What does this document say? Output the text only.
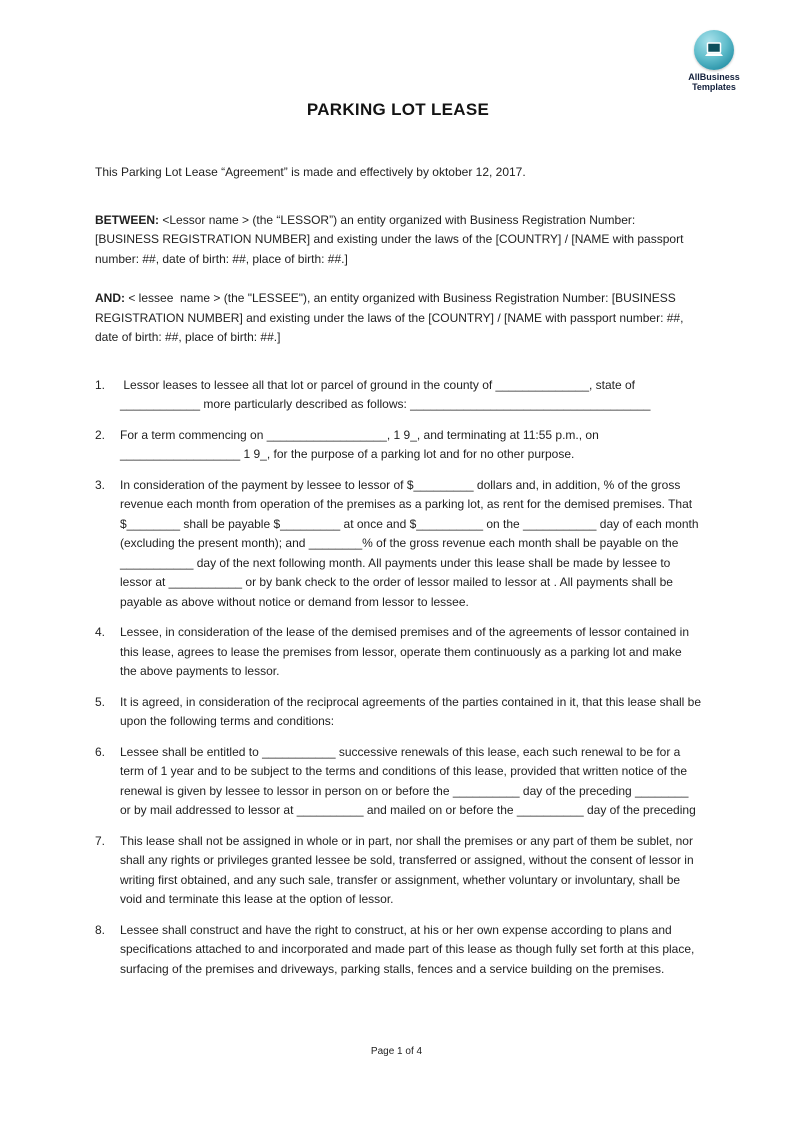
AllBusiness
Templates
PARKING LOT LEASE

This Parking Lot Lease “Agreement” is made and effectively by oktober 12, 2017.

BETWEEN: <Lessor name > (the “LESSOR”) an entity organized with Business Registration Number: [BUSINESS REGISTRATION NUMBER] and existing under the laws of the [COUNTRY] / [NAME with passport number: ##, date of birth: ##, place of birth: ##.]

AND: < lessee  name > (the "LESSEE"), an entity organized with Business Registration Number: [BUSINESS REGISTRATION NUMBER] and existing under the laws of the [COUNTRY] / [NAME with passport number: ##, date of birth: ##, place of birth: ##.]

1.	Lessor leases to lessee all that lot or parcel of ground in the county of ______________, state of ____________ more particularly described as follows: ____________________________________
2.	For a term commencing on __________________, 1 9_, and terminating at 11:55 p.m., on __________________ 1 9_, for the purpose of a parking lot and for no other purpose.
3.	In consideration of the payment by lessee to lessor of $_________ dollars and, in addition, % of the gross revenue each month from operation of the premises as a parking lot, as rent for the demised premises. That $________ shall be payable $_________ at once and $__________ on the ___________ day of each month (excluding the present month); and ________% of the gross revenue each month shall be payable on the ___________ day of the next following month. All payments under this lease shall be made by lessee to lessor at ___________ or by bank check to the order of lessor mailed to lessor at . All payments shall be payable as above without notice or demand from lessor to lessee.
4.	Lessee, in consideration of the lease of the demised premises and of the agreements of lessor contained in this lease, agrees to lease the premises from lessor, operate them continuously as a parking lot and make the above payments to lessor.
5.	It is agreed, in consideration of the reciprocal agreements of the parties contained in it, that this lease shall be upon the following terms and conditions:
6.	Lessee shall be entitled to ___________ successive renewals of this lease, each such renewal to be for a term of 1 year and to be subject to the terms and conditions of this lease, provided that written notice of the renewal is given by lessee to lessor in person on or before the __________ day of the preceding ________ or by mail addressed to lessor at __________ and mailed on or before the __________ day of the preceding
7.	This lease shall not be assigned in whole or in part, nor shall the premises or any part of them be sublet, nor shall any rights or privileges granted lessee be sold, transferred or assigned, without the consent of lessor in writing first obtained, and any such sale, transfer or assignment, whether voluntary or involuntary, shall be void and terminate this lease at the option of lessor.
8.	Lessee shall construct and have the right to construct, at his or her own expense according to plans and specifications attached to and incorporated and made part of this lease as though fully set forth at this place, surfacing of the premises and driveways, parking stalls, fences and a service building on the premises.
Page 1 of 4
